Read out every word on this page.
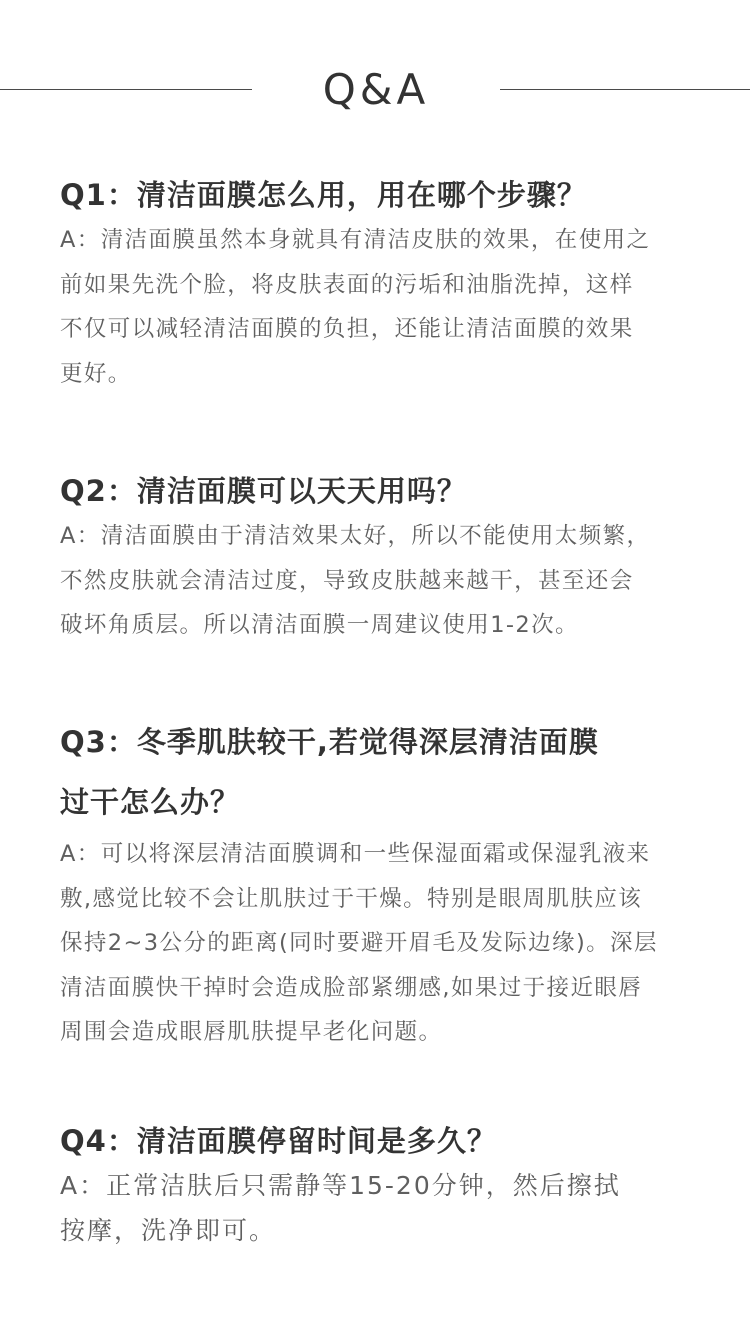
Q&A
Q1：清洁面膜怎么用，用在哪个步骤？
A：清洁面膜虽然本身就具有清洁皮肤的效果，在使用之
前如果先洗个脸，将皮肤表面的污垢和油脂洗掉，这样
不仅可以减轻清洁面膜的负担，还能让清洁面膜的效果
更好。
Q2：清洁面膜可以天天用吗？
A：清洁面膜由于清洁效果太好，所以不能使用太频繁，
不然皮肤就会清洁过度，导致皮肤越来越干，甚至还会
破坏角质层。所以清洁面膜一周建议使用1-2次。
Q3：冬季肌肤较干,若觉得深层清洁面膜
过干怎么办？
A：可以将深层清洁面膜调和一些保湿面霜或保湿乳液来
敷,感觉比较不会让肌肤过于干燥。特别是眼周肌肤应该
保持2~3公分的距离(同时要避开眉毛及发际边缘)。深层
清洁面膜快干掉时会造成脸部紧绷感,如果过于接近眼唇
周围会造成眼唇肌肤提早老化问题。
Q4：清洁面膜停留时间是多久？
A：正常洁肤后只需静等15-20分钟，然后擦拭
按摩，洗净即可。
